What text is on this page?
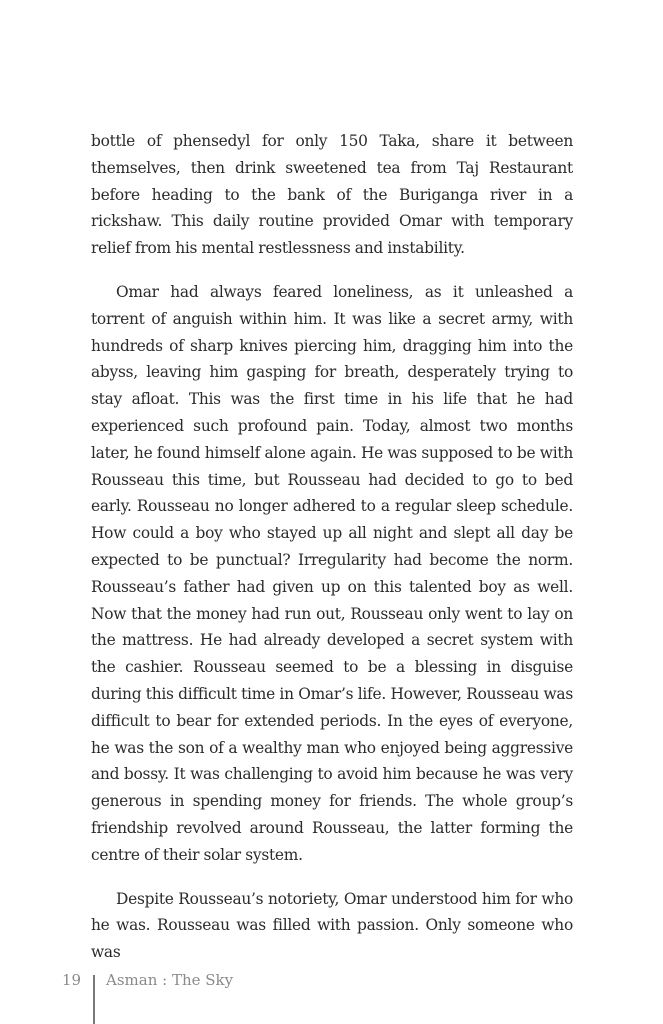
bottle of phensedyl for only 150 Taka, share it between themselves, then drink sweetened tea from Taj Restaurant before heading to the bank of the Buriganga river in a rickshaw. This daily routine provided Omar with temporary relief from his mental restlessness and instability.

Omar had always feared loneliness, as it unleashed a torrent of anguish within him. It was like a secret army, with hundreds of sharp knives piercing him, dragging him into the abyss, leaving him gasping for breath, desperately trying to stay afloat. This was the first time in his life that he had experienced such profound pain. Today, almost two months later, he found himself alone again. He was supposed to be with Rousseau this time, but Rousseau had decided to go to bed early. Rousseau no longer adhered to a regular sleep schedule. How could a boy who stayed up all night and slept all day be expected to be punctual? Irregularity had become the norm. Rousseau’s father had given up on this talented boy as well. Now that the money had run out, Rousseau only went to lay on the mattress. He had already developed a secret system with the cashier. Rousseau seemed to be a blessing in disguise during this difficult time in Omar’s life. However, Rousseau was difficult to bear for extended periods. In the eyes of everyone, he was the son of a wealthy man who enjoyed being aggressive and bossy. It was challenging to avoid him because he was very generous in spending money for friends. The whole group’s friendship revolved around Rousseau, the latter forming the centre of their solar system.

Despite Rousseau’s notoriety, Omar understood him for who he was. Rousseau was filled with passion. Only someone who was

19 Asman : The Sky
